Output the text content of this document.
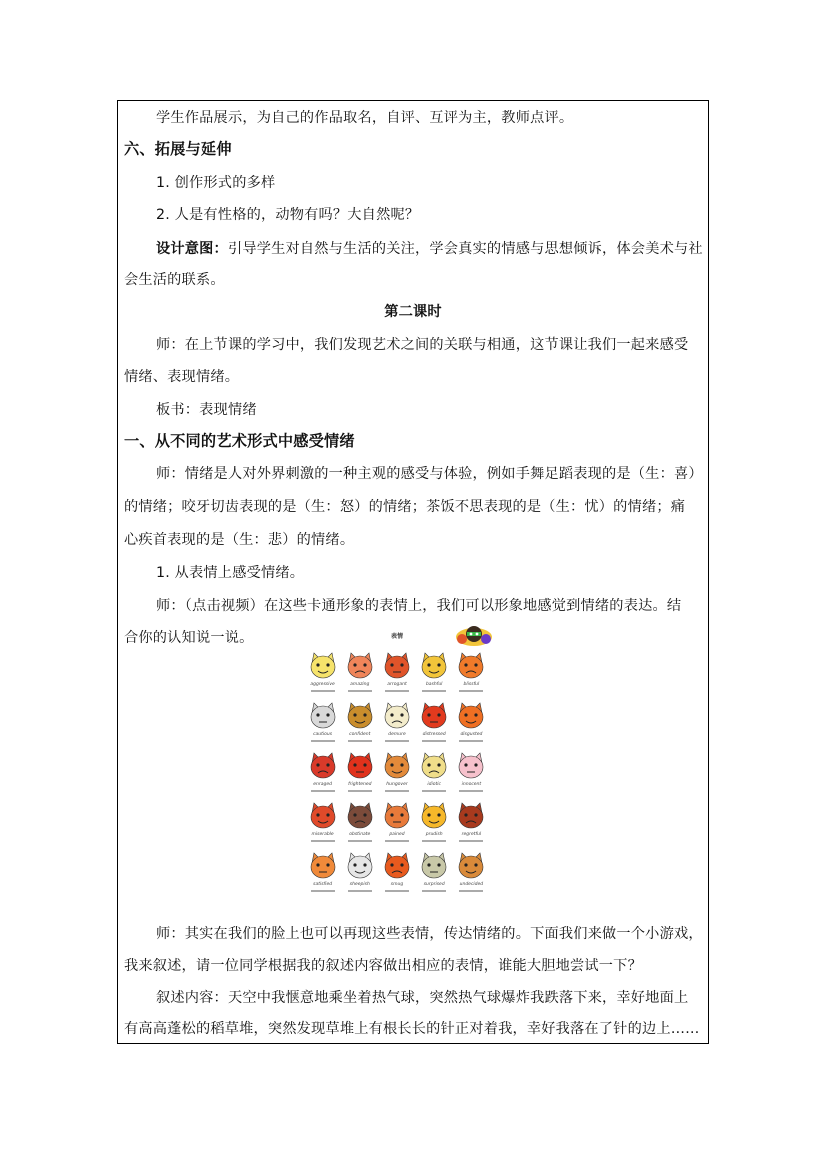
学生作品展示，为自己的作品取名，自评、互评为主，教师点评。
六、拓展与延伸
1. 创作形式的多样
2. 人是有性格的，动物有吗？大自然呢？
设计意图：引导学生对自然与生活的关注，学会真实的情感与思想倾诉，体会美术与社
会生活的联系。
第二课时
师：在上节课的学习中，我们发现艺术之间的关联与相通，这节课让我们一起来感受
情绪、表现情绪。
板书：表现情绪
一、从不同的艺术形式中感受情绪
师：情绪是人对外界刺激的一种主观的感受与体验，例如手舞足蹈表现的是（生：喜）
的情绪；咬牙切齿表现的是（生：怒）的情绪；茶饭不思表现的是（生：忧）的情绪；痛
心疾首表现的是（生：悲）的情绪。
1. 从表情上感受情绪。
师：（点击视频）在这些卡通形象的表情上，我们可以形象地感觉到情绪的表达。结
合你的认知说一说。	表情
aggressive	amazing	arrogant	bashful	blissful
cautious	confident	demure	distressed	disgusted
enraged	frightened	hungover	idiotic	innocent
miserable	obstinate	pained	prudish	regretful
satisfied	sheepish	smug	surprised	undecided
师：其实在我们的脸上也可以再现这些表情，传达情绪的。下面我们来做一个小游戏，
我来叙述，请一位同学根据我的叙述内容做出相应的表情，谁能大胆地尝试一下？
叙述内容：天空中我惬意地乘坐着热气球，突然热气球爆炸我跌落下来，幸好地面上
有高高蓬松的稻草堆，突然发现草堆上有根长长的针正对着我，幸好我落在了针的边上……
